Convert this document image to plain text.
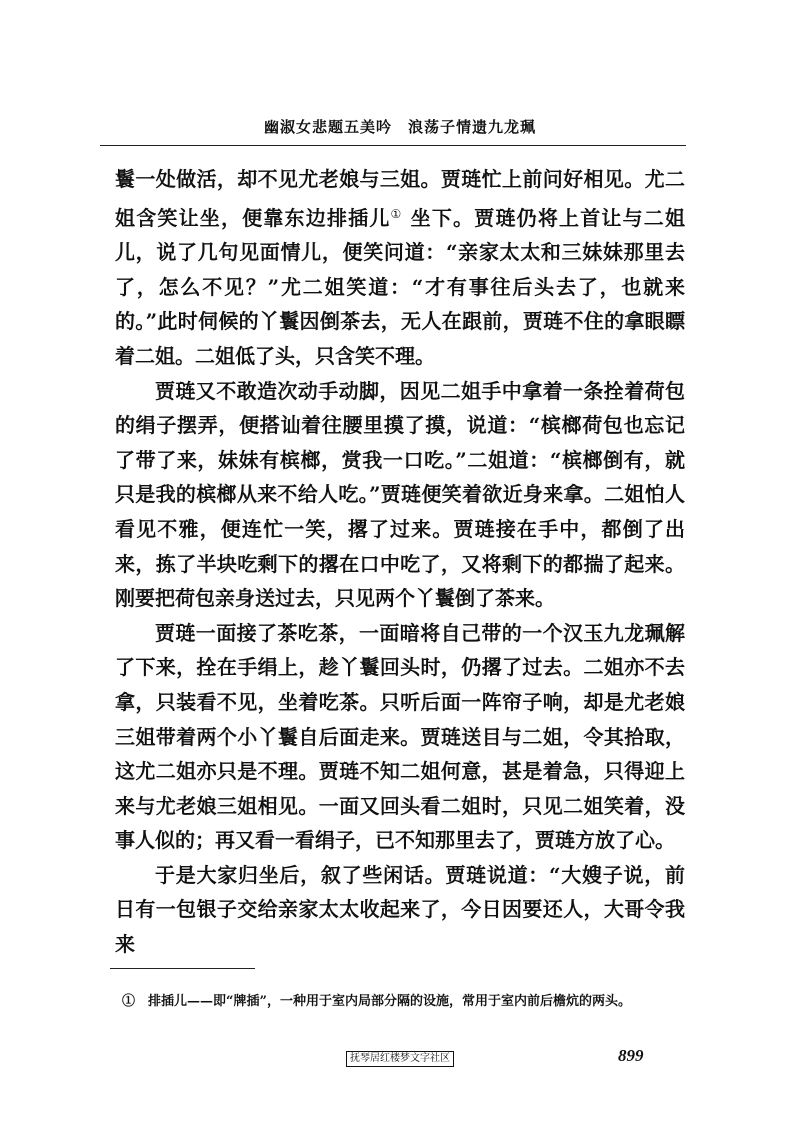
幽淑女悲题五美吟　浪荡子情遗九龙珮

鬟一处做活，却不见尤老娘与三姐。贾琏忙上前问好相见。尤二姐含笑让坐，便靠东边排插儿① 坐下。贾琏仍将上首让与二姐儿，说了几句见面情儿，便笑问道：“亲家太太和三妹妹那里去了，怎么不见？”尤二姐笑道：“才有事往后头去了，也就来的。”此时伺候的丫鬟因倒茶去，无人在跟前，贾琏不住的拿眼瞟着二姐。二姐低了头，只含笑不理。

贾琏又不敢造次动手动脚，因见二姐手中拿着一条拴着荷包的绢子摆弄，便搭讪着往腰里摸了摸，说道：“槟榔荷包也忘记了带了来，妹妹有槟榔，赏我一口吃。”二姐道：“槟榔倒有，就只是我的槟榔从来不给人吃。”贾琏便笑着欲近身来拿。二姐怕人看见不雅，便连忙一笑，撂了过来。贾琏接在手中，都倒了出来，拣了半块吃剩下的撂在口中吃了，又将剩下的都揣了起来。刚要把荷包亲身送过去，只见两个丫鬟倒了茶来。

贾琏一面接了茶吃茶，一面暗将自己带的一个汉玉九龙珮解了下来，拴在手绢上，趁丫鬟回头时，仍撂了过去。二姐亦不去拿，只装看不见，坐着吃茶。只听后面一阵帘子响，却是尤老娘三姐带着两个小丫鬟自后面走来。贾琏送目与二姐，令其拾取，这尤二姐亦只是不理。贾琏不知二姐何意，甚是着急，只得迎上来与尤老娘三姐相见。一面又回头看二姐时，只见二姐笑着，没事人似的；再又看一看绢子，已不知那里去了，贾琏方放了心。

于是大家归坐后，叙了些闲话。贾琏说道：“大嫂子说，前日有一包银子交给亲家太太收起来了，今日因要还人，大哥令我来

①　排插儿——即“牌插”，一种用于室内局部分隔的设施，常用于室内前后檐炕的两头。
抚琴居红楼梦文字社区	899
